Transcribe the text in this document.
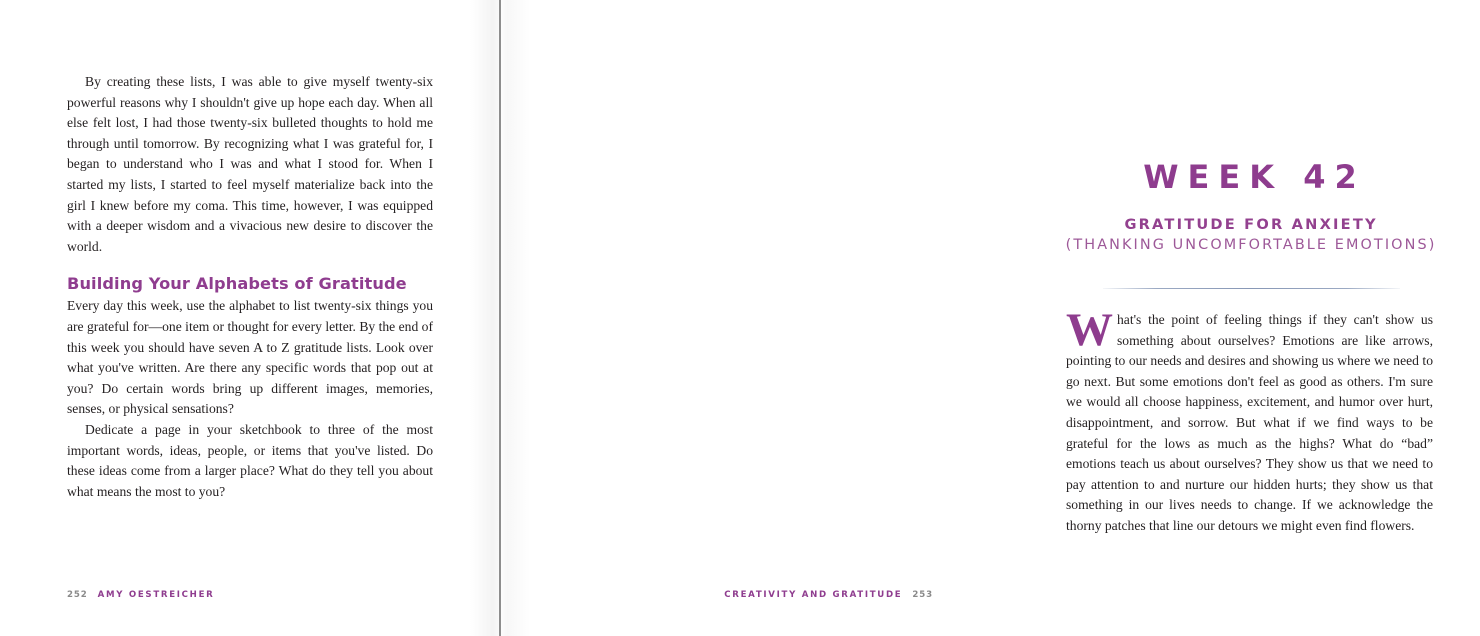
By creating these lists, I was able to give myself twenty-six powerful reasons why I shouldn't give up hope each day. When all else felt lost, I had those twenty-six bulleted thoughts to hold me through until tomorrow. By recognizing what I was grateful for, I began to understand who I was and what I stood for. When I started my lists, I started to feel myself materialize back into the girl I knew before my coma. This time, however, I was equipped with a deeper wisdom and a vivacious new desire to discover the world.

Building Your Alphabets of Gratitude

Every day this week, use the alphabet to list twenty-six things you are grateful for—one item or thought for every letter. By the end of this week you should have seven A to Z gratitude lists. Look over what you've written. Are there any specific words that pop out at you? Do certain words bring up different images, memories, senses, or physical sensations?

Dedicate a page in your sketchbook to three of the most important words, ideas, people, or items that you've listed. Do these ideas come from a larger place? What do they tell you about what means the most to you?

252 AMY OESTREICHER
WEEK 42
GRATITUDE FOR ANXIETY
(THANKING UNCOMFORTABLE EMOTIONS)

What's the point of feeling things if they can't show us something about ourselves? Emotions are like arrows, pointing to our needs and desires and showing us where we need to go next. But some emotions don't feel as good as others. I'm sure we would all choose happiness, excitement, and humor over hurt, disappointment, and sorrow. But what if we find ways to be grateful for the lows as much as the highs? What do “bad” emotions teach us about ourselves? They show us that we need to pay attention to and nurture our hidden hurts; they show us that something in our lives needs to change. If we acknowledge the thorny patches that line our detours we might even find flowers.

CREATIVITY AND GRATITUDE 253
